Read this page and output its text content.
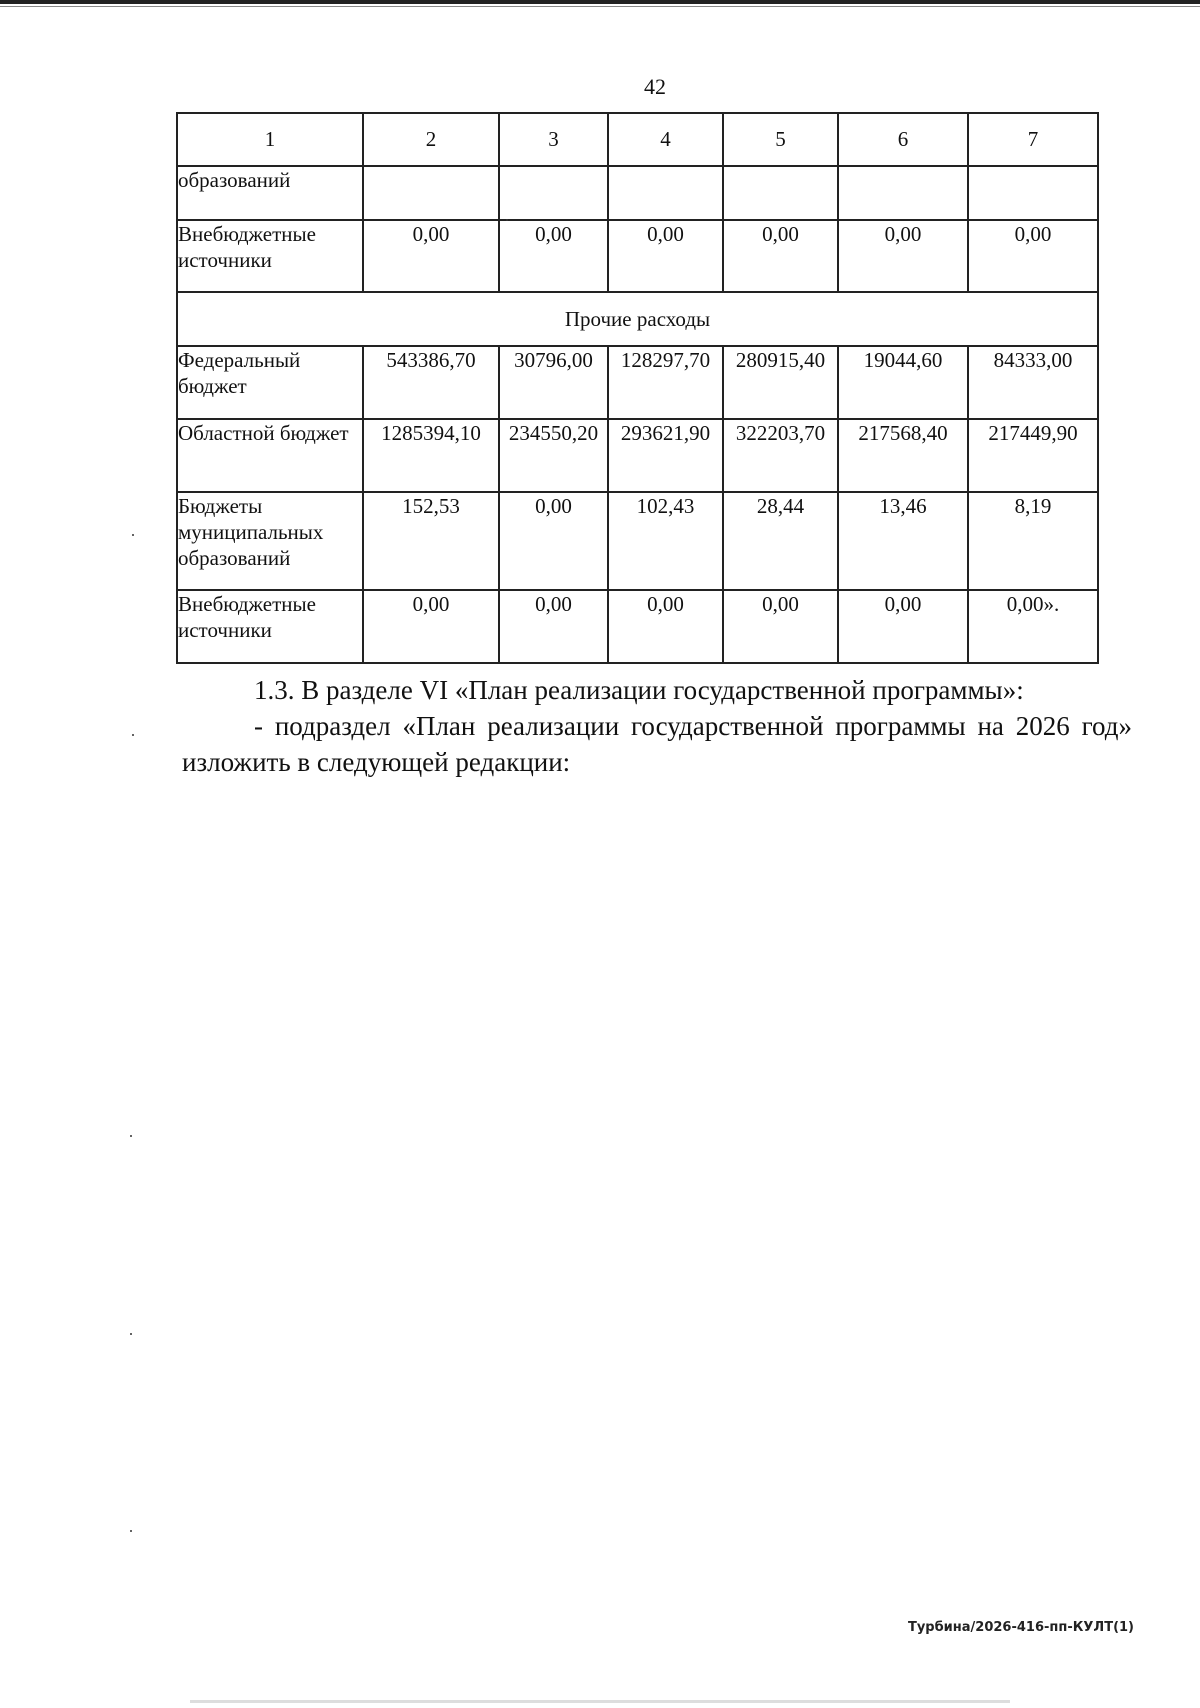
42
1	2	3	4	5	6	7
образований						
Внебюджетные источники	0,00	0,00	0,00	0,00	0,00	0,00
Прочие расходы						
Федеральный бюджет	543386,70	30796,00	128297,70	280915,40	19044,60	84333,00
Областной бюджет	1285394,10	234550,20	293621,90	322203,70	217568,40	217449,90
Бюджеты муниципальных образований	152,53	0,00	102,43	28,44	13,46	8,19
Внебюджетные источники	0,00	0,00	0,00	0,00	0,00	0,00».
1.3. В разделе VI «План реализации государственной программы»:
- подраздел «План реализации государственной программы на 2026 год» изложить в следующей редакции:
Турбина/2026-416-пп-КУЛТ(1)
